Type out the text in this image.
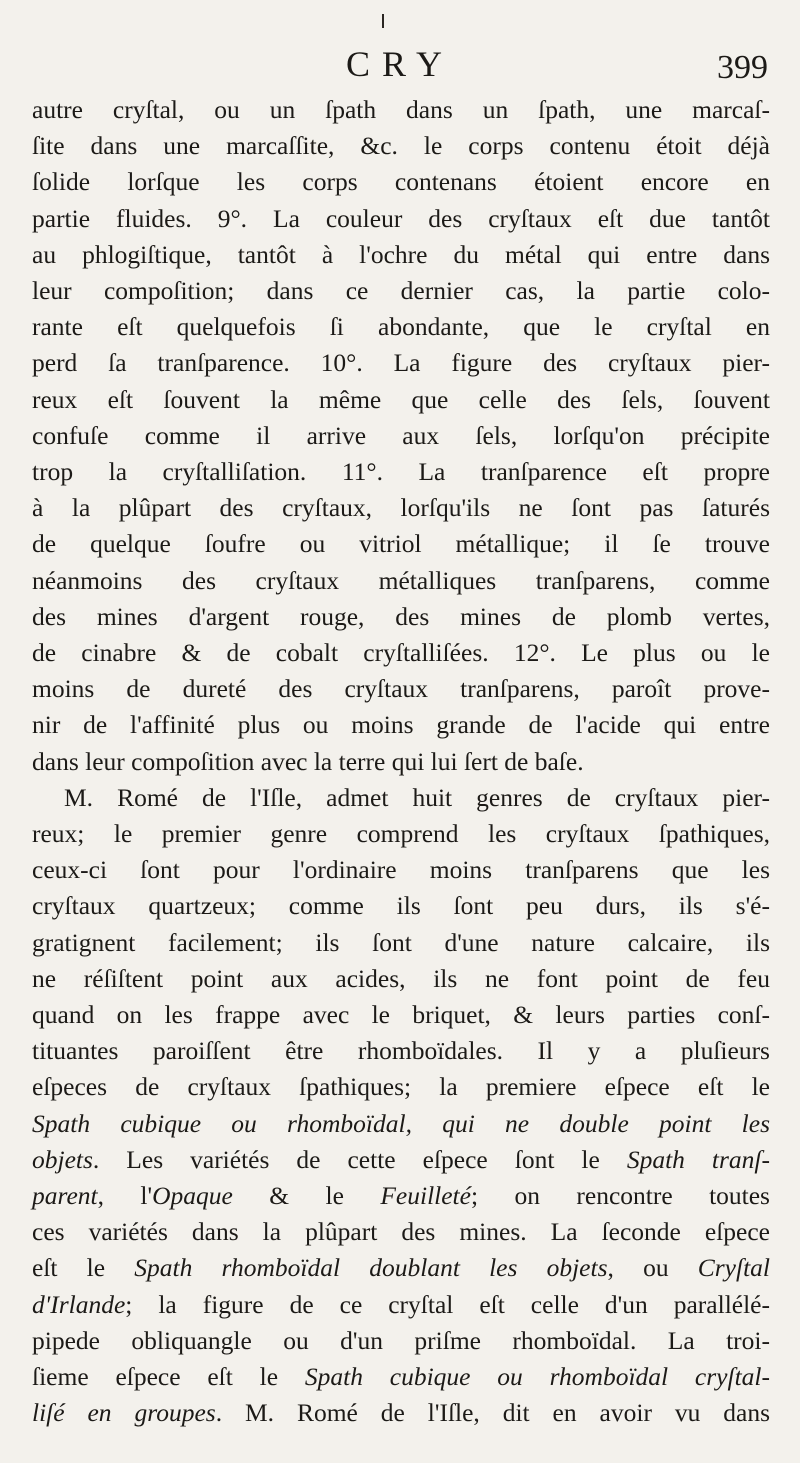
CRY	399
autre cryſtal, ou un ſpath dans un ſpath, une marcaſ-
ſite dans une marcaſſite, &c. le corps contenu étoit déjà
ſolide lorſque les corps contenans étoient encore en
partie fluides. 9°. La couleur des cryſtaux eſt due tantôt
au phlogiſtique, tantôt à l'ochre du métal qui entre dans
leur compoſition; dans ce dernier cas, la partie colo-
rante eſt quelquefois ſi abondante, que le cryſtal en
perd ſa tranſparence. 10°. La figure des cryſtaux pier-
reux eſt ſouvent la même que celle des ſels, ſouvent
confuſe comme il arrive aux ſels, lorſqu'on précipite
trop la cryſtalliſation. 11°. La tranſparence eſt propre
à la plûpart des cryſtaux, lorſqu'ils ne ſont pas ſaturés
de quelque ſoufre ou vitriol métallique; il ſe trouve
néanmoins des cryſtaux métalliques tranſparens, comme
des mines d'argent rouge, des mines de plomb vertes,
de cinabre & de cobalt cryſtalliſées. 12°. Le plus ou le
moins de dureté des cryſtaux tranſparens, paroît prove-
nir de l'affinité plus ou moins grande de l'acide qui entre
dans leur compoſition avec la terre qui lui ſert de baſe.
M. Romé de l'Iſle, admet huit genres de cryſtaux pier-
reux; le premier genre comprend les cryſtaux ſpathiques,
ceux-ci ſont pour l'ordinaire moins tranſparens que les
cryſtaux quartzeux; comme ils ſont peu durs, ils s'é-
gratignent facilement; ils ſont d'une nature calcaire, ils
ne réſiſtent point aux acides, ils ne font point de feu
quand on les frappe avec le briquet, & leurs parties conſ-
tituantes paroiſſent être rhomboïdales. Il y a pluſieurs
eſpeces de cryſtaux ſpathiques; la premiere eſpece eſt le
Spath cubique ou rhomboïdal, qui ne double point les
objets. Les variétés de cette eſpece ſont le Spath tranſ-
parent, l'Opaque & le Feuilleté; on rencontre toutes
ces variétés dans la plûpart des mines. La ſeconde eſpece
eſt le Spath rhomboïdal doublant les objets, ou Cryſtal
d'Irlande; la figure de ce cryſtal eſt celle d'un parallélé-
pipede obliquangle ou d'un priſme rhomboïdal. La troi-
ſieme eſpece eſt le Spath cubique ou rhomboïdal cryſtal-
liſé en groupes. M. Romé de l'Iſle, dit en avoir vu dans
